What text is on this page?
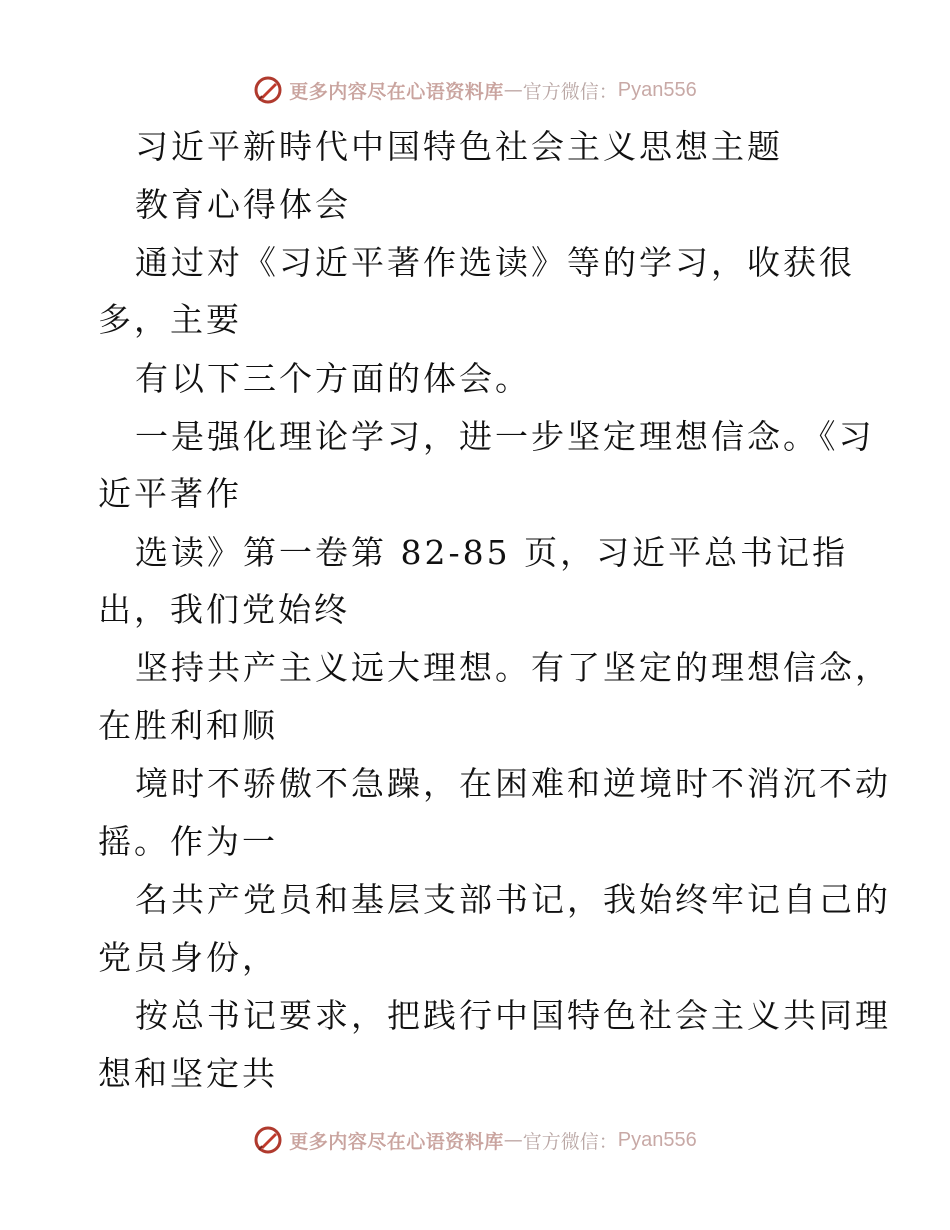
更多内容尽在心语资料库 — 官方微信： Pyan556
习近平新時代中国特色社会主义思想主题
教育心得体会
通过对《习近平著作选读》等的学习，收获很
多，主要
有以下三个方面的体会。
一是强化理论学习，进一步坚定理想信念。《习
近平著作
选读》第一卷第 82-85 页，习近平总书记指
出，我们党始终
坚持共产主义远大理想。有了坚定的理想信念，
在胜利和顺
境时不骄傲不急躁，在困难和逆境时不消沉不动
摇。作为一
名共产党员和基层支部书记，我始终牢记自己的
党员身份，
按总书记要求，把践行中国特色社会主义共同理
想和坚定共
更多内容尽在心语资料库 — 官方微信： Pyan556
